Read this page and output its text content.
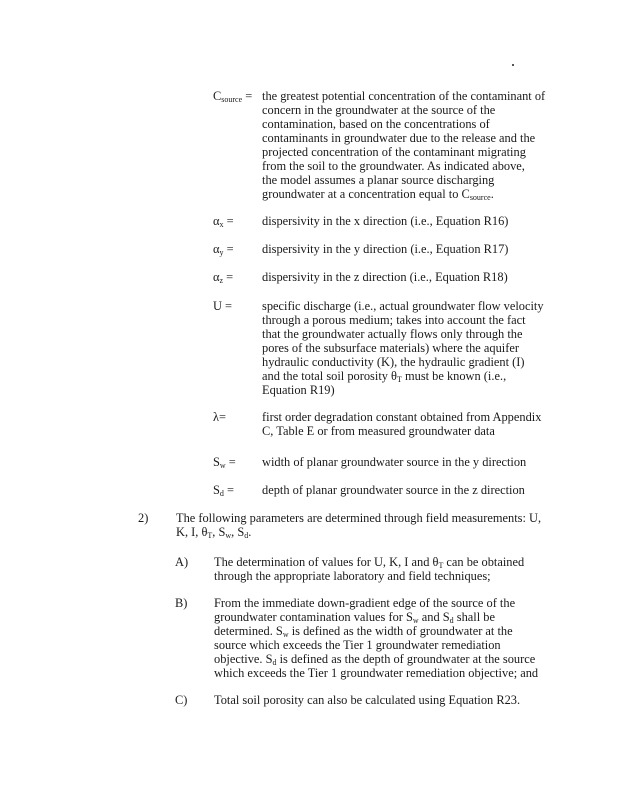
$C_{source}$ = the greatest potential concentration of the contaminant of
concern in the groundwater at the source of the
contamination, based on the concentrations of
contaminants in groundwater due to the release and the
projected concentration of the contaminant migrating
from the soil to the groundwater. As indicated above,
the model assumes a planar source discharging
groundwater at a concentration equal to $C_{source}$.
$\alpha_x$ = dispersivity in the x direction (i.e., Equation R16)
$\alpha_y$ = dispersivity in the y direction (i.e., Equation R17)
$\alpha_z$ = dispersivity in the z direction (i.e., Equation R18)
U = specific discharge (i.e., actual groundwater flow velocity
through a porous medium; takes into account the fact
that the groundwater actually flows only through the
pores of the subsurface materials) where the aquifer
hydraulic conductivity (K), the hydraulic gradient (I)
and the total soil porosity $\theta_T$ must be known (i.e.,
Equation R19)
λ=	first order degradation constant obtained from Appendix
C, Table E or from measured groundwater data
$S_w$ = width of planar groundwater source in the y direction
$S_d$ = depth of planar groundwater source in the z direction
2) The following parameters are determined through field measurements: U,
K, I, $\theta_T$, $S_w$, $S_d$.
A) The determination of values for U, K, I and $\theta_T$ can be obtained
through the appropriate laboratory and field techniques;
B) From the immediate down-gradient edge of the source of the
groundwater contamination values for $S_w$ and $S_d$ shall be
determined. $S_w$ is defined as the width of groundwater at the
source which exceeds the Tier 1 groundwater remediation
objective. $S_d$ is defined as the depth of groundwater at the source
which exceeds the Tier 1 groundwater remediation objective; and
C) Total soil porosity can also be calculated using Equation R23.
